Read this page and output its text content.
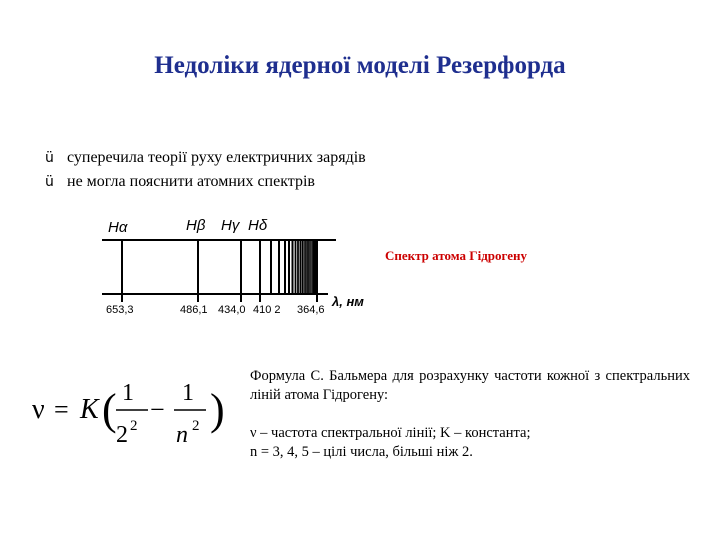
Недоліки ядерної моделі Резерфорда
ü суперечила теорії руху електричних зарядів
ü не могла пояснити атомних спектрів
Hα	Hβ Hγ Hδ
653,3	486,1 434,0 410 2 364,6
λ, нм
Спектр атома Гідрогену
ν = K ( 1
2 2
−
1
n 2 )

Формула С. Бальмера для розрахунку частоти кожної з спектральних ліній атома Гідрогену:

ν – частота спектральної лінії; K – константа;
n = 3, 4, 5 – цілі числа, більші ніж 2.
